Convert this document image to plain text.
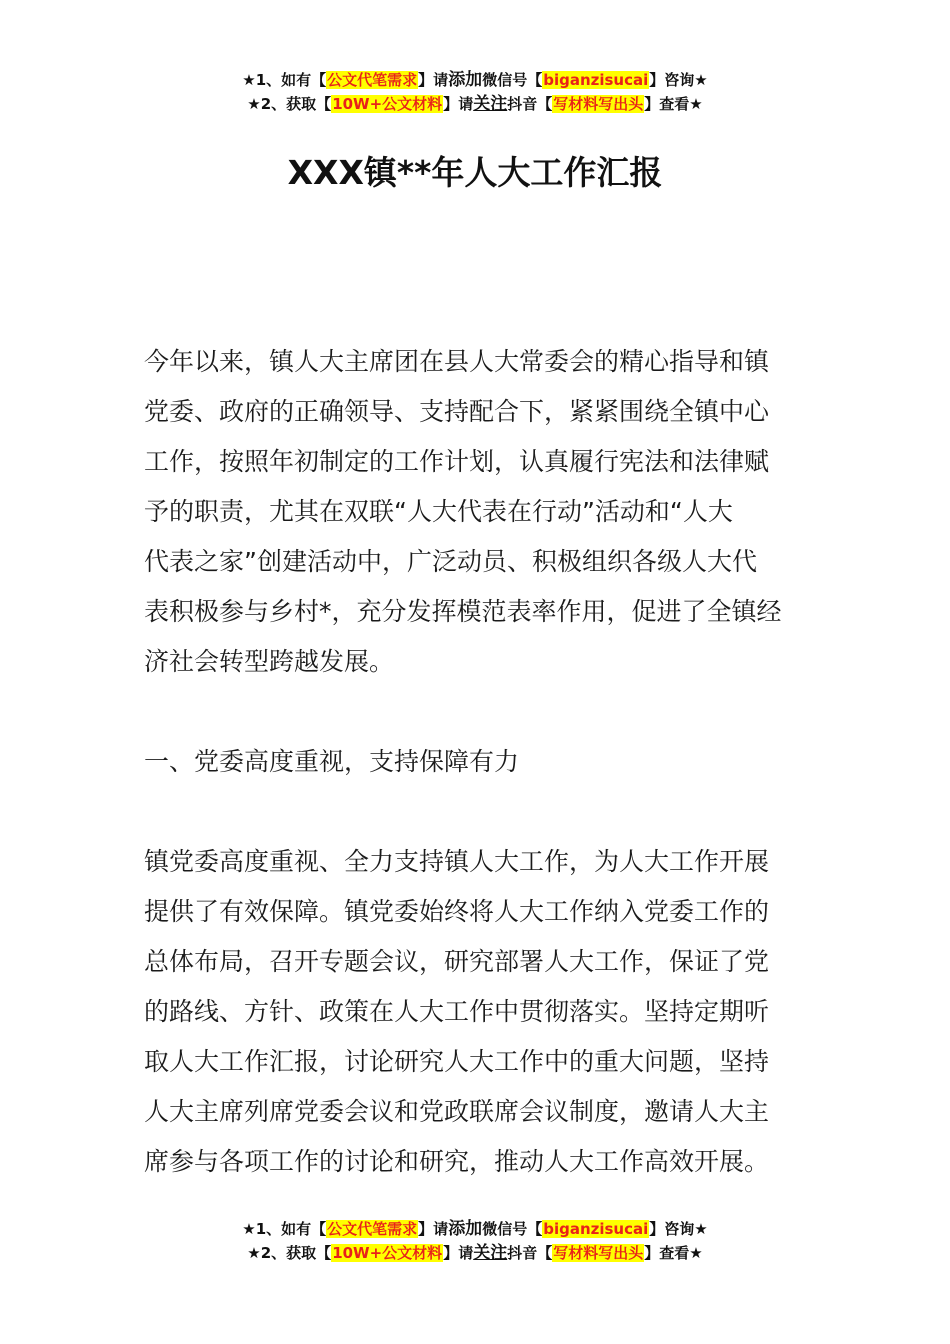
★1、如有【公文代笔需求】请添加微信号【biganzisucai】咨询★
★2、获取【10W+公文材料】请关注抖音【写材料写出头】查看★
XXX镇**年人大工作汇报
今年以来，镇人大主席团在县人大常委会的精心指导和镇
党委、政府的正确领导、支持配合下，紧紧围绕全镇中心
工作，按照年初制定的工作计划，认真履行宪法和法律赋
予的职责，尤其在双联“人大代表在行动”活动和“人大
代表之家”创建活动中，广泛动员、积极组织各级人大代
表积极参与乡村*，充分发挥模范表率作用，促进了全镇经
济社会转型跨越发展。
一、党委高度重视，支持保障有力
镇党委高度重视、全力支持镇人大工作，为人大工作开展
提供了有效保障。镇党委始终将人大工作纳入党委工作的
总体布局，召开专题会议，研究部署人大工作，保证了党
的路线、方针、政策在人大工作中贯彻落实。坚持定期听
取人大工作汇报，讨论研究人大工作中的重大问题，坚持
人大主席列席党委会议和党政联席会议制度，邀请人大主
席参与各项工作的讨论和研究，推动人大工作高效开展。
★1、如有【公文代笔需求】请添加微信号【biganzisucai】咨询★
★2、获取【10W+公文材料】请关注抖音【写材料写出头】查看★
